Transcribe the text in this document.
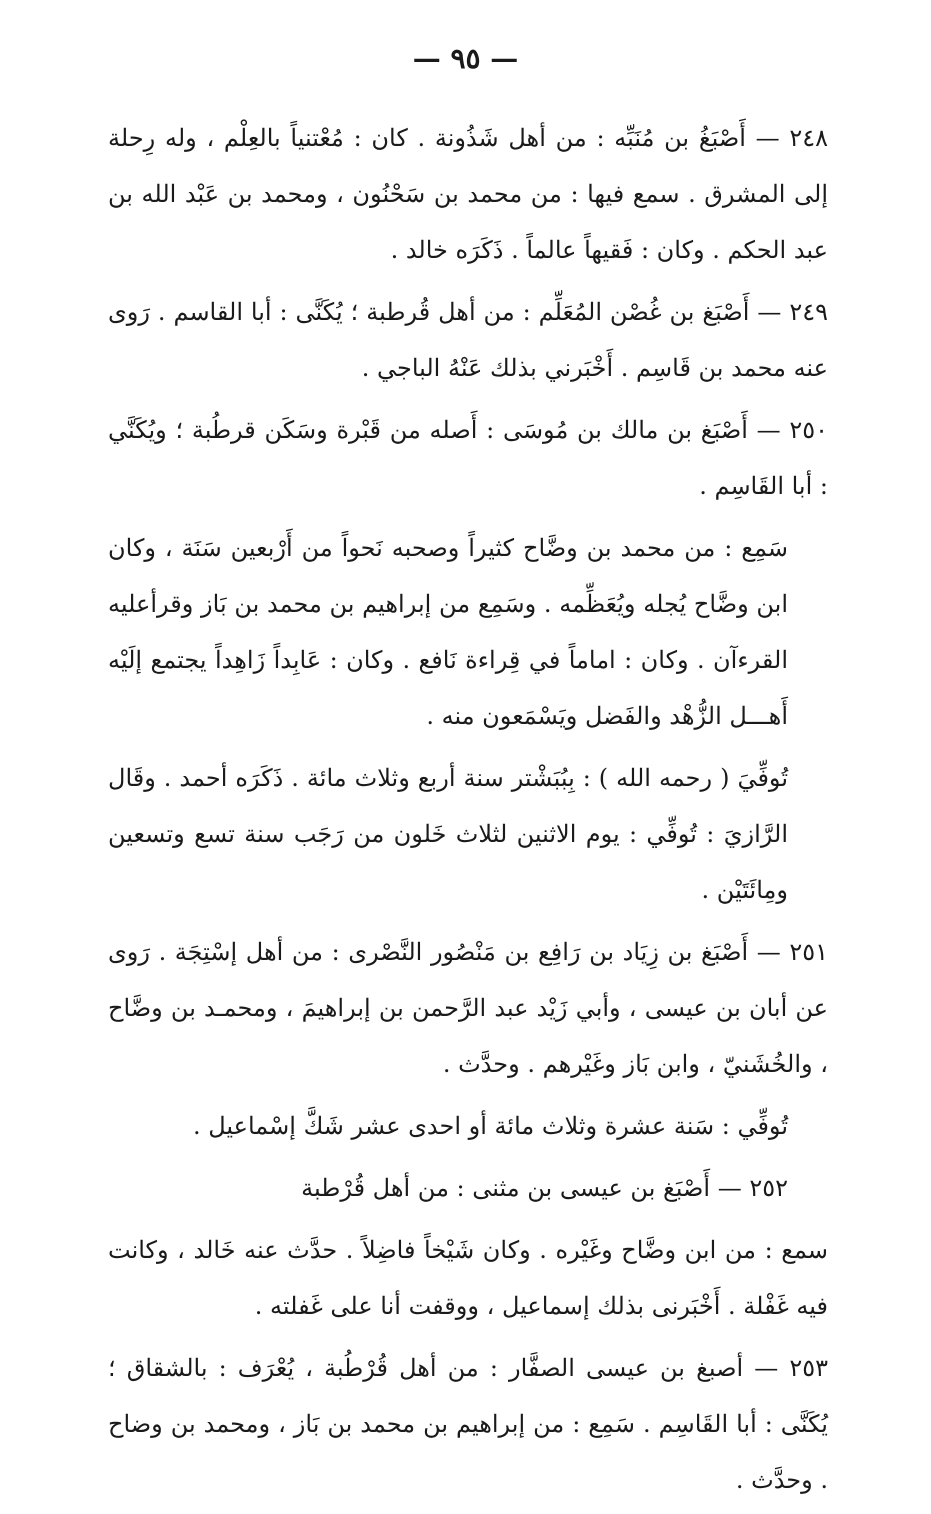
— ٩٥ —

٢٤٨ — أَصْبَغُ بن مُنَبِّه : من أهل شَذُونة . كان : مُعْتنياً بالعِلْم ، وله رِحلة إلى المشرق . سمع فيها : من محمد بن سَحْنُون ، ومحمد بن عَبْد الله بن عبد الحكم . وكان : فَقيهاً عالماً . ذَكَرَه خالد .

٢٤٩ — أَصْبَغ بن غُصْن المُعَلِّم : من أهل قُرطبة ؛ يُكَنَّى : أبا القاسم . رَوى عنه محمد بن قَاسِم . أَخْبَرني بذلك عَنْهُ الباجي .

٢٥٠ — أَصْبَغ بن مالك بن مُوسَى : أَصله من قَبْرة وسَكَن قرطُبة ؛ ويُكَنَّي : أبا القَاسِم .

سَمِع : من محمد بن وضَّاح كثيراً وصحبه نَحواً من أَرْبعين سَنَة ، وكان ابن وضَّاح يُجله ويُعَظِّمه . وسَمِع من إبراهيم بن محمد بن بَاز وقرأعليه القرءآن . وكان : اماماً في قِراءة نَافع . وكان : عَابِداً زَاهِداً يجتمع إلَيْه أَهـــل الزُّهْد والفَضل ويَسْمَعون منه .

تُوفِّيَ ( رحمه الله ) : بِبُبَشْتر سنة أربع وثلاث مائة . ذَكَرَه أحمد . وقَال الرَّازيَ : تُوفِّي : يوم الاثنين لثلاث خَلون من رَجَب سنة تسع وتسعين ومِائَتَيْن .

٢٥١ — أَصْبَغ بن زِيَاد بن رَافِع بن مَنْصُور النَّصْرى : من أهل إسْتِجَة . رَوى عن أبان بن عيسى ، وأبي زَيْد عبد الرَّحمن بن إبراهيمَ ، ومحمـد بن وضَّاح ، والخُشَنيّ ، وابن بَاز وغَيْرهم . وحدَّث .

تُوفِّي : سَنة عشرة وثلاث مائة أو احدى عشر شَكَّ إسْماعيل .

٢٥٢ — أَصْبَغ بن عيسى بن مثنى : من أهل قُرْطبة

سمع : من ابن وضَّاح وغَيْره . وكان شَيْخاً فاضِلاً . حدَّث عنه خَالد ، وكانت فيه غَفْلة . أَخْبَرنى بذلك إسماعيل ، ووقفت أنا على غَفلته .

٢٥٣ — أصبغ بن عيسى الصفَّار : من أهل قُرْطُبة ، يُعْرَف : بالشقاق ؛ يُكَنَّى : أبا القَاسِم . سَمِع : من إبراهيم بن محمد بن بَاز ، ومحمد بن وضاح . وحدَّث .
